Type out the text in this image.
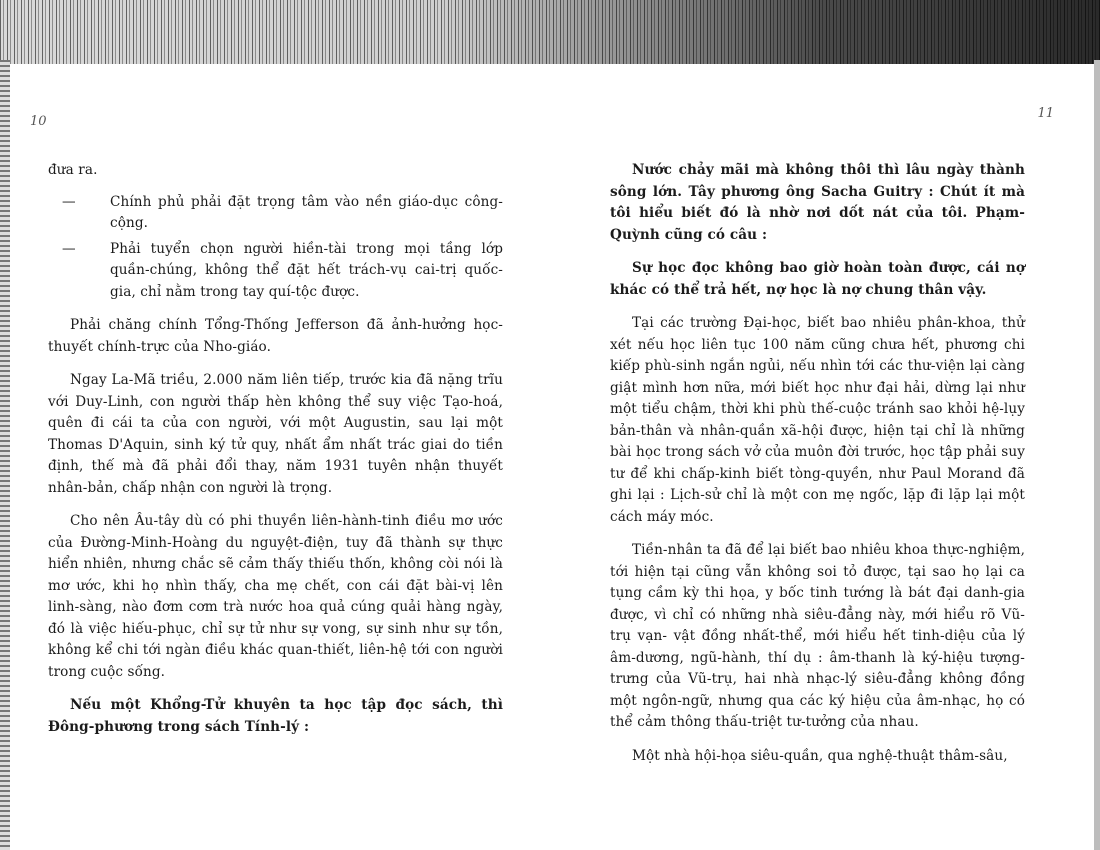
10

đưa ra.

—	Chính phủ phải đặt trọng tâm vào nền giáo-dục công-cộng.
—	Phải tuyển chọn người hiền-tài trong mọi tầng lớp quần-chúng, không thể đặt hết trách-vụ cai-trị quốc-gia, chỉ nằm trong tay quí-tộc được.

Phải chăng chính Tổng-Thống Jefferson đã ảnh-hưởng học-thuyết chính-trực của Nho-giáo.

Ngay La-Mã triều, 2.000 năm liên tiếp, trước kia đã nặng trĩu với Duy-Linh, con người thấp hèn không thể suy việc Tạo-hoá, quên đi cái ta của con người, với một Augustin, sau lại một Thomas D'Aquin, sinh ký tử quy, nhất ẩm nhất trác giai do tiền định, thế mà đã phải đổi thay, năm 1931 tuyên nhận thuyết nhân-bản, chấp nhận con người là trọng.

Cho nên Âu-tây dù có phi thuyền liên-hành-tinh điều mơ ước của Đường-Minh-Hoàng du nguyệt-điện, tuy đã thành sự thực hiển nhiên, nhưng chắc sẽ cảm thấy thiếu thốn, không còi nói là mơ ước, khi họ nhìn thấy, cha mẹ chết, con cái đặt bài-vị lên linh-sàng, nào đơm cơm trà nước hoa quả cúng quải hàng ngày, đó là việc hiếu-phục, chỉ sự tử như sự vong, sự sinh như sự tồn, không kể chi tới ngàn điều khác quan-thiết, liên-hệ tới con người trong cuộc sống.

Nếu một Khổng-Tử khuyên ta học tập đọc sách, thì Đông-phương trong sách Tính-lý :

11

Nước chảy mãi mà không thôi thì lâu ngày thành sông lớn. Tây phương ông Sacha Guitry : Chút ít mà tôi hiểu biết đó là nhờ nơi dốt nát của tôi. Phạm-Quỳnh cũng có câu :

Sự học đọc không bao giờ hoàn toàn được, cái nợ khác có thể trả hết, nợ học là nợ chung thân vậy.

Tại các trường Đại-học, biết bao nhiêu phân-khoa, thử xét nếu học liên tục 100 năm cũng chưa hết, phương chi kiếp phù-sinh ngắn ngủi, nếu nhìn tới các thư-viện lại càng giật mình hơn nữa, mới biết học như đại hải, dừng lại như một tiểu chậm, thời khi phù thế-cuộc tránh sao khỏi hệ-lụy bản-thân và nhân-quần xã-hội được, hiện tại chỉ là những bài học trong sách vở của muôn đời trước, học tập phải suy tư để khi chấp-kinh biết tòng-quyền, như Paul Morand đã ghi lại : Lịch-sử chỉ là một con mẹ ngốc, lặp đi lặp lại một cách máy móc.

Tiền-nhân ta đã để lại biết bao nhiêu khoa thực-nghiệm, tới hiện tại cũng vẫn không soi tỏ được, tại sao họ lại ca tụng cầm kỳ thi họa, y bốc tinh tướng là bát đại danh-gia được, vì chỉ có những nhà siêu-đẳng này, mới hiểu rõ Vũ-trụ vạn- vật đồng nhất-thể, mới hiểu hết tinh-diệu của lý âm-dương, ngũ-hành, thí dụ : âm-thanh là ký-hiệu tượng-trưng của Vũ-trụ, hai nhà nhạc-lý siêu-đẳng không đồng một ngôn-ngữ, nhưng qua các ký hiệu của âm-nhạc, họ có thể cảm thông thấu-triệt tư-tưởng của nhau.

Một nhà hội-họa siêu-quần, qua nghệ-thuật thâm-sâu,
